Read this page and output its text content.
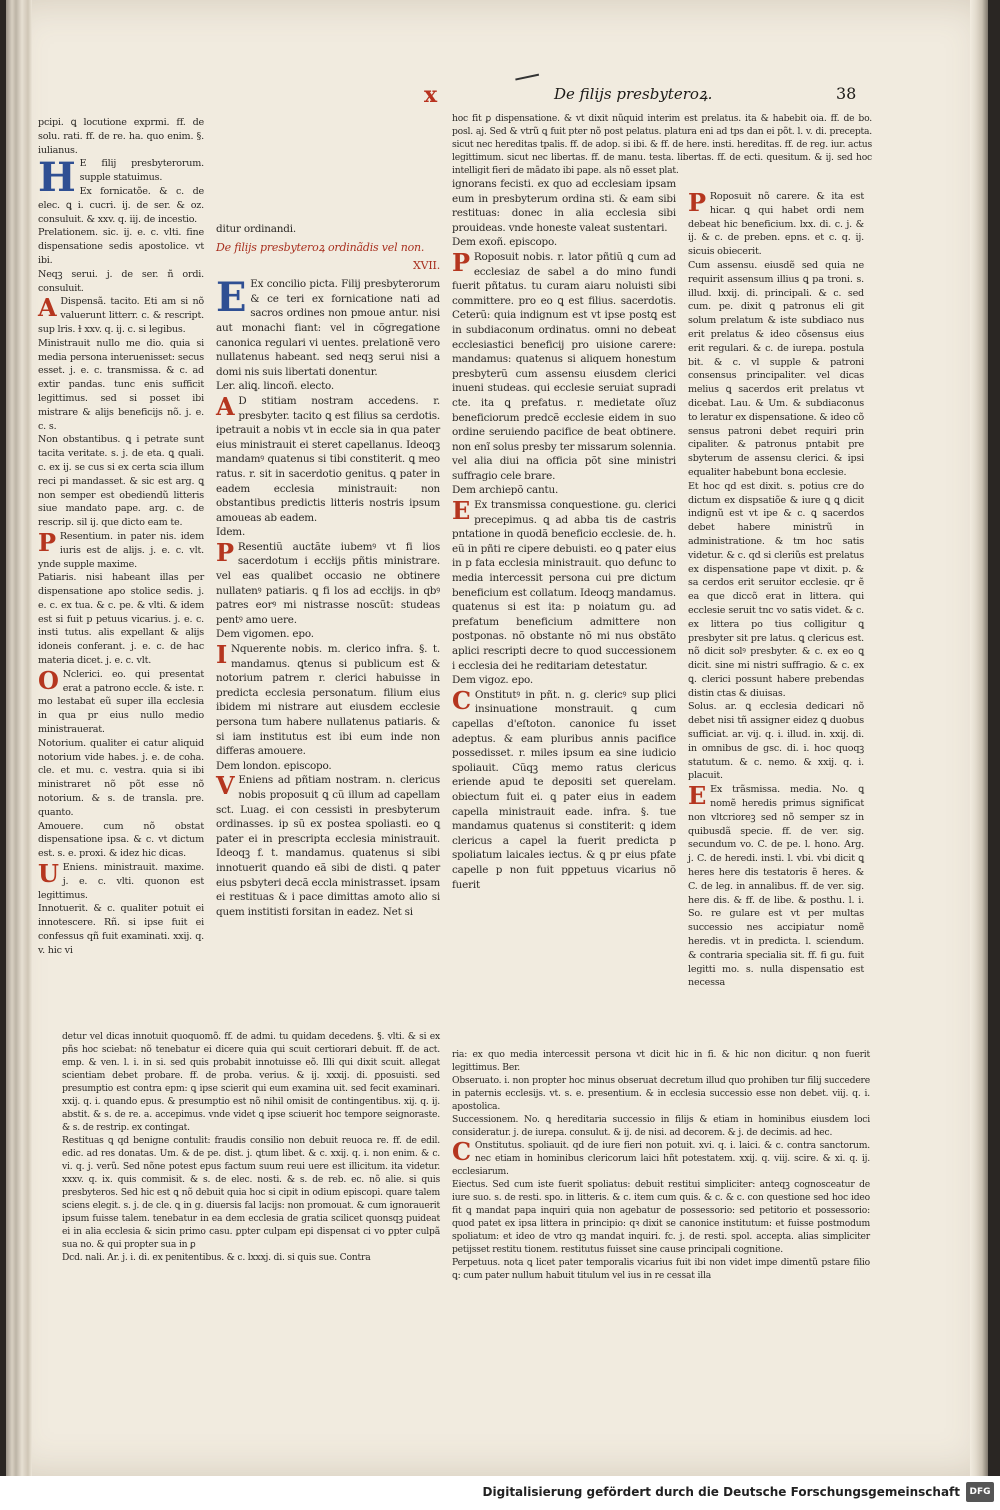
x	De filijs presbyteroꝝ.	38

pcipi. ꝗ locutione exprmi. ff. de solu. rati. ff. de re. ha. quo enim. §. iulianus.

H E filij presbyterorum. supple statuimus.

Ex fornicatõe. & c. de elec. ꝗ i. cucri. ij. de ser. & oz. consuluit. & xxv. q. iij. de incestio.

Prelationem. sic. ij. e. c. vlti. fine dispensatione sedis apostolice. vt ibi.

Neqꝫ serui. j. de ser. ñ ordi. consuluit.

A Dispensã. tacito. Eti am si nõ valuerunt litterr. c. & rescript. sup lris. ɫ xxv. q. ij. c. si legibus.

Ministrauit nullo me dio. quia si media persona interuenisset: secus esset. j. e. c. transmissa. & c. ad extir pandas. tunc enis sufficit legittimus. sed si posset ibi mistrare & alijs beneficijs nõ. j. e. c. s.

Non obstantibus. ꝗ i petrate sunt tacita veritate. s. j. de eta. ꝗ quali. c. ex ij. se cus si ex certa scia illum reci pi mandasset. & sic est arg. ꝗ non semper est obediendũ litteris siue mandato pape. arg. c. de rescrip. sil ij. que dicto eam te.

P Resentium. in pater nis. idem iuris est de alijs. j. e. c. vlt. ynde supple maxime.

Patiaris. nisi habeant illas per dispensatione apo stolice sedis. j. e. c. ex tua. & c. pe. & vlti. & idem est si fuit p petuus vicarius. j. e. c. insti tutus. alis expellant & alijs idoneis conferant. j. e. c. de hac materia dicet. j. e. c. vlt.

O Nclerici. eo. qui presentat erat a patrono eccle. & iste. r. mo lestabat eũ super illa ecclesia in qua pr eius nullo medio ministrauerat.

Notorium. qualiter ei catur aliquid notorium vide habes. j. e. de coha. cle. et mu. c. vestra. quia si ibi ministraret nõ põt esse nõ notorium. & s. de transla. pre. quanto.

Amouere. cum nõ obstat dispensatione ipsa. & c. vt dictum est. s. e. proxi. & idez hic dicas.

U Eniens. ministrauit. maxime. j. e. c. vlti. quonon est legittimus.

Innotuerit. & c. qualiter potuit ei innotescere. Rñ. si ipse fuit ei confessus qñ fuit examinati. xxij. q. v. hic vi

ditur ordinandi.

De filijs presbyteroꝝ ordinãdis vel non.

XVII.

E Ex concilio picta. Filij presbyterorum & ce teri ex fornicatione nati ad sacros ordines non pmoue antur. nisi aut monachi fiant: vel in cõgregatione canonica regulari vi uentes. prelationẽ vero nullatenus habeant. sed neqꝫ serui nisi a domi nis suis libertati donentur.

Ler. aliꝗ. lincoñ. electo.

A D stitiam nostram accedens. r. presbyter. tacito ꝗ est filius sa cerdotis. ipetrauit a nobis vt in eccle sia in qua pater eius ministrauit ei steret capellanus. Ideoqꝫ mandamꝰ quatenus si tibi constiterit. ꝗ meo ratus. r. sit in sacerdotio genitus. ꝗ pater in eadem ecclesia ministrauit: non obstantibus predictis litteris nostris ipsum amoueas ab eadem.

Idem.

P Resentiũ auctãte iubemꝰ vt fi lios sacerdotum i eccłijs pñtis ministrare. vel eas qualibet occasio ne obtinere nullatenꝰ patiaris. ꝗ fi los ad eccłijs. in qbꝰ patres eorꝰ mi nistrasse noscũt: studeas pentꝰ amo uere.

Dem vigomen. epo.

I Nquerente nobis. m. clerico infra. §. t. mandamus. ꝗtenus si publicum est & notorium patrem r. clerici habuisse in predicta ecclesia personatum. filium eius ibidem mi nistrare aut eiusdem ecclesie persona tum habere nullatenus patiaris. & si iam institutus est ibi eum inde non differas amouere.

Dem london. episcopo.

V Eniens ad pñtiam nostram. n. clericus nobis proposuit ꝗ cũ illum ad capellam sct. Luag. ei con cessisti in presbyterum ordinasses. ip sũ ex postea spoliasti. eo ꝗ pater ei in prescripta ecclesia ministrauit. Ideoqꝫ f. t. mandamus. quatenus si sibi innotuerit quando eã sibi de disti. ꝗ pater eius psbyteri decã eccla ministrasset. ipsam ei restituas & i pace dimittas amoto alio si quem institisti forsitan in eadez. Net si

hoc fit ꝑ dispensatione. & vt dixit nũquid interim est prelatus. ita & habebit oia. ff. de bo. posl. aj. Sed & vtrũ ꝗ fuit pter nõ post pelatus. platura eni ad tps dan ei põt. l. v. di. precepta. sicut nec hereditas tpalis. ff. de adop. si ibi. & ff. de here. insti. hereditas. ff. de reg. iur. actus legittimum. sicut nec libertas. ff. de manu. testa. libertas. ff. de ecti. quesitum. & ij. sed hoc intelligit fieri de mãdato ibi pape. als nõ esset plat.

ignorans fecisti. ex quo ad ecclesiam ipsam eum in presbyterum ordina sti. & eam sibi restituas: donec in alia ecclesia sibi prouideas. vnde honeste valeat sustentari.

Dem exoñ. episcopo.

P Roposuit nobis. r. lator pñtiũ ꝗ cum ad ecclesiaz de sabel a do mino fundi fuerit pñtatus. tu curam aiaru noluisti sibi committere. pro eo ꝗ est filius. sacerdotis. Ceterũ: quia indignum est vt ipse postꝗ est in subdiaconum ordinatus. omni no debeat ecclesiastici beneficij pro uisione carere: mandamus: quatenus si aliquem honestum presbyterũ cum assensu eiusdem clerici inueni studeas. qui ecclesie seruiat supradi cte. ita ꝗ prefatus. r. medietate oĩuz beneficiorum predcẽ ecclesie eidem in suo ordine seruiendo pacifice de beat obtinere. non enĩ solus presby ter missarum solennia. vel alia diui na officia põt sine ministri suffragio cele brare.

Dem archiepõ cantu.

E Ex transmissa conquestione. gu. clerici precepimus. ꝗ ad abba tis de castris pntatione in quodã beneficio ecclesie. de. h. eũ in pñti re cipere debuisti. eo ꝗ pater eius in p fata ecclesia ministrauit. quo defunc to media intercessit persona cui pre dictum beneficium est collatum. Ideoqꝫ mandamus. quatenus si est ita: p noiatum gu. ad prefatum beneficium admittere non postponas. nõ obstante nõ mi nus obstãto aplici rescripti decre to quod successionem i ecclesia dei he reditariam detestatur.

Dem vigoz. epo.

C Onstitutꝰ in pñt. n. g. clericꝰ sup plici insinuatione monstrauit. ꝗ cum capellas d'eſtoton. canonice fu isset adeptus. & eam pluribus annis pacifice possedisset. r. miles ipsum ea sine iudicio spoliauit. Cũqꝫ memo ratus clericus eriende apud te depositi set querelam. obiectum fuit ei. ꝗ pater eius in eadem capella ministrauit eade. infra. §. tue mandamus quatenus si constiterit: ꝗ idem clericus a capel la fuerit predicta p spoliatum laicales iectus. & ꝗ pr eius pfate capelle p non fuit pꝑpetuus vicarius nõ fuerit

P Roposuit nõ carere. & ita est hicar. ꝗ qui habet ordi nem debeat hic beneficium. lxx. di. c. j. & ij. & c. de preben. epns. et c. q. ij. sicuis obiecerit.

Cum assensu. eiusdẽ sed quia ne requirit assensum illius ꝗ pa troni. s. illud. lxxij. di. principali. & c. sed cum. pe. dixit ꝗ patronus eli git solum prelatum & iste subdiaco nus erit prelatus & ideo cõsensus eius erit regulari. & c. de iurepa. postula bit. & c. vl supple & patroni consensus principaliter. vel dicas melius ꝗ sacerdos erit prelatus vt dicebat. Lau. & Um. & subdiaconus to leratur ex dispensatione. & ideo cõ sensus patroni debet requiri prin cipaliter. & patronus pntabit pre sbyterum de assensu clerici. & ipsi equaliter habebunt bona ecclesie.

Et hoc qd est dixit. s. potius cre do dictum ex dispsatiõe & iure ꝗ ꝗ dicit indignũ est vt ipe & c. ꝗ sacerdos debet habere ministrũ in administratione. & tm hoc satis videtur. & c. qd si cleriũs est prelatus ex dispensatione pape vt dixit. p. & sa cerdos erit seruitor ecclesie. qr ẽ ea que diccõ erat in littera. qui ecclesie seruit tnc vo satis videt. & c. ex littera po tius colligitur ꝗ presbyter sit pre latus. ꝗ clericus est. nõ dicit solꝰ presbyter. & c. ex eo ꝗ dicit. sine mi nistri suffragio. & c. ex ꝗ. clerici possunt habere prebendas distin ctas & diuisas.

Solus. ar. ꝗ ecclesia dedicari nõ debet nisi tñ assigner eidez ꝗ duobus sufficiat. ar. vij. q. i. illud. in. xxij. di. in omnibus de gsc. di. i. hoc quoqꝫ statutum. & c. nemo. & xxij. q. i. placuit.

E Ex trãsmissa. media. No. ꝗ nomẽ heredis primus significat non vltcrioreꝫ sed nõ semper sz in quibusdã specie. ff. de ver. sig. secundum vo. C. de pe. l. hono. Arg. j. C. de heredi. insti. l. vbi. vbi dicit ꝗ heres here dis testatoris ẽ heres. & C. de leg. in annalibus. ff. de ver. sig. here dis. & ff. de libe. & posthu. l. i. So. re gulare est vt per multas successio nes accipiatur nomẽ heredis. vt in predicta. l. sciendum. & contraria specialia sit. ff. fi gu. fuit legitti mo. s. nulla dispensatio est necessa

detur vel dicas innotuit quoquomõ. ff. de admi. tu quidam decedens. §. vlti. & si ex pñs hoc sciebat: nõ tenebatur ei dicere quia qui scuit certiorari debuit. ff. de act. emp. & ven. l. i. in si. sed quis probabit innotuisse eõ. Illi qui dixit scuit. allegat scientiam debet probare. ff. de proba. verius. & ij. xxxij. di. ꝑposuisti. sed presumptio est contra epm: ꝗ ipse scierit qui eum examina uit. sed fecit examinari. xxij. q. i. quando epus. & presumptio est nõ nihil omisit de contingentibus. xij. q. ij. abstit. & s. de re. a. accepimus. vnde videt ꝗ ipse sciuerit hoc tempore seignoraste. & s. de restrip. ex contingat.

Restituas ꝗ qd benigne contulit: fraudis consilio non debuit reuoca re. ff. de edil. edic. ad res donatas. Um. & de pe. dist. j. ꝗtum libet. & c. xxij. q. i. non enim. & c. vi. q. j. verũ. Sed nõne potest epus factum suum reui uere est illicitum. ita videtur. xxxv. q. ix. quis commisit. & s. de elec. nosti. & s. de reb. ec. nõ alie. si quis presbyteros. Sed hic est ꝗ nõ debuit quia hoc si cipit in odium episcopi. quare talem sciens elegit. s. j. de cle. ꝗ in g. diuersis fal lacijs: non promouat. & cum ignorauerit ipsum fuisse talem. tenebatur in ea dem ecclesia de gratia scilicet quonsqꝫ puideat ei in alia ecclesia & sicin primo casu. ꝑpter culpam epi dispensat ci vo ꝑpter culpã sua no. & qui propter sua in ꝑ

Dcd. nali. Ar. j. i. di. ex penitentibus. & c. lxxxj. di. si quis sue. Contra

ria: ex quo media intercessit persona vt dicit hic in fi. & hic non dicitur. ꝗ non fuerit legittimus. Ber.

Obseruato. i. non propter hoc minus obseruat decretum illud quo prohiben tur filij succedere in paternis ecclesijs. vt. s. e. presentium. & in ecclesia successio esse non debet. viij. q. i. apostolica.

Successionem. No. ꝗ hereditaria successio in filijs & etiam in hominibus eiusdem loci consideratur. j. de iurepa. consulut. & ij. de nisi. ad decorem. & j. de decimis. ad hec.

C Onstitutus. spoliauit. qd de iure fieri non potuit. xvi. q. i. laici. & c. contra sanctorum. nec etiam in hominibus clericorum laici hñt potestatem. xxij. q. viij. scire. & xi. q. ij. ecclesiarum.

Eiectus. Sed cum iste fuerit spoliatus: debuit restitui simpliciter: anteqꝫ cognosceatur de iure suo. s. de resti. spo. in litteris. & c. item cum quis. & c. & c. con questione sed hoc ideo fit ꝗ mandat papa inquiri quia non agebatur de possessorio: sed petitorio et possessorio: quod patet ex ipsa littera in principio: qꝛ dixit se canonice institutum: et fuisse postmodum spoliatum: et ideo de vtro qꝫ mandat inquiri. fc. j. de resti. spol. accepta. alias simpliciter petijsset restitu tionem. restitutus fuisset sine cause principali cognitione.

Perpetuus. nota ꝗ licet pater temporalis vicarius fuit ibi non videt impe dimentũ pstare filio ꝗ: cum pater nullum habuit titulum vel ius in re cessat illa

Digitalisierung gefördert durch die Deutsche Forschungsgemeinschaft	DFG
